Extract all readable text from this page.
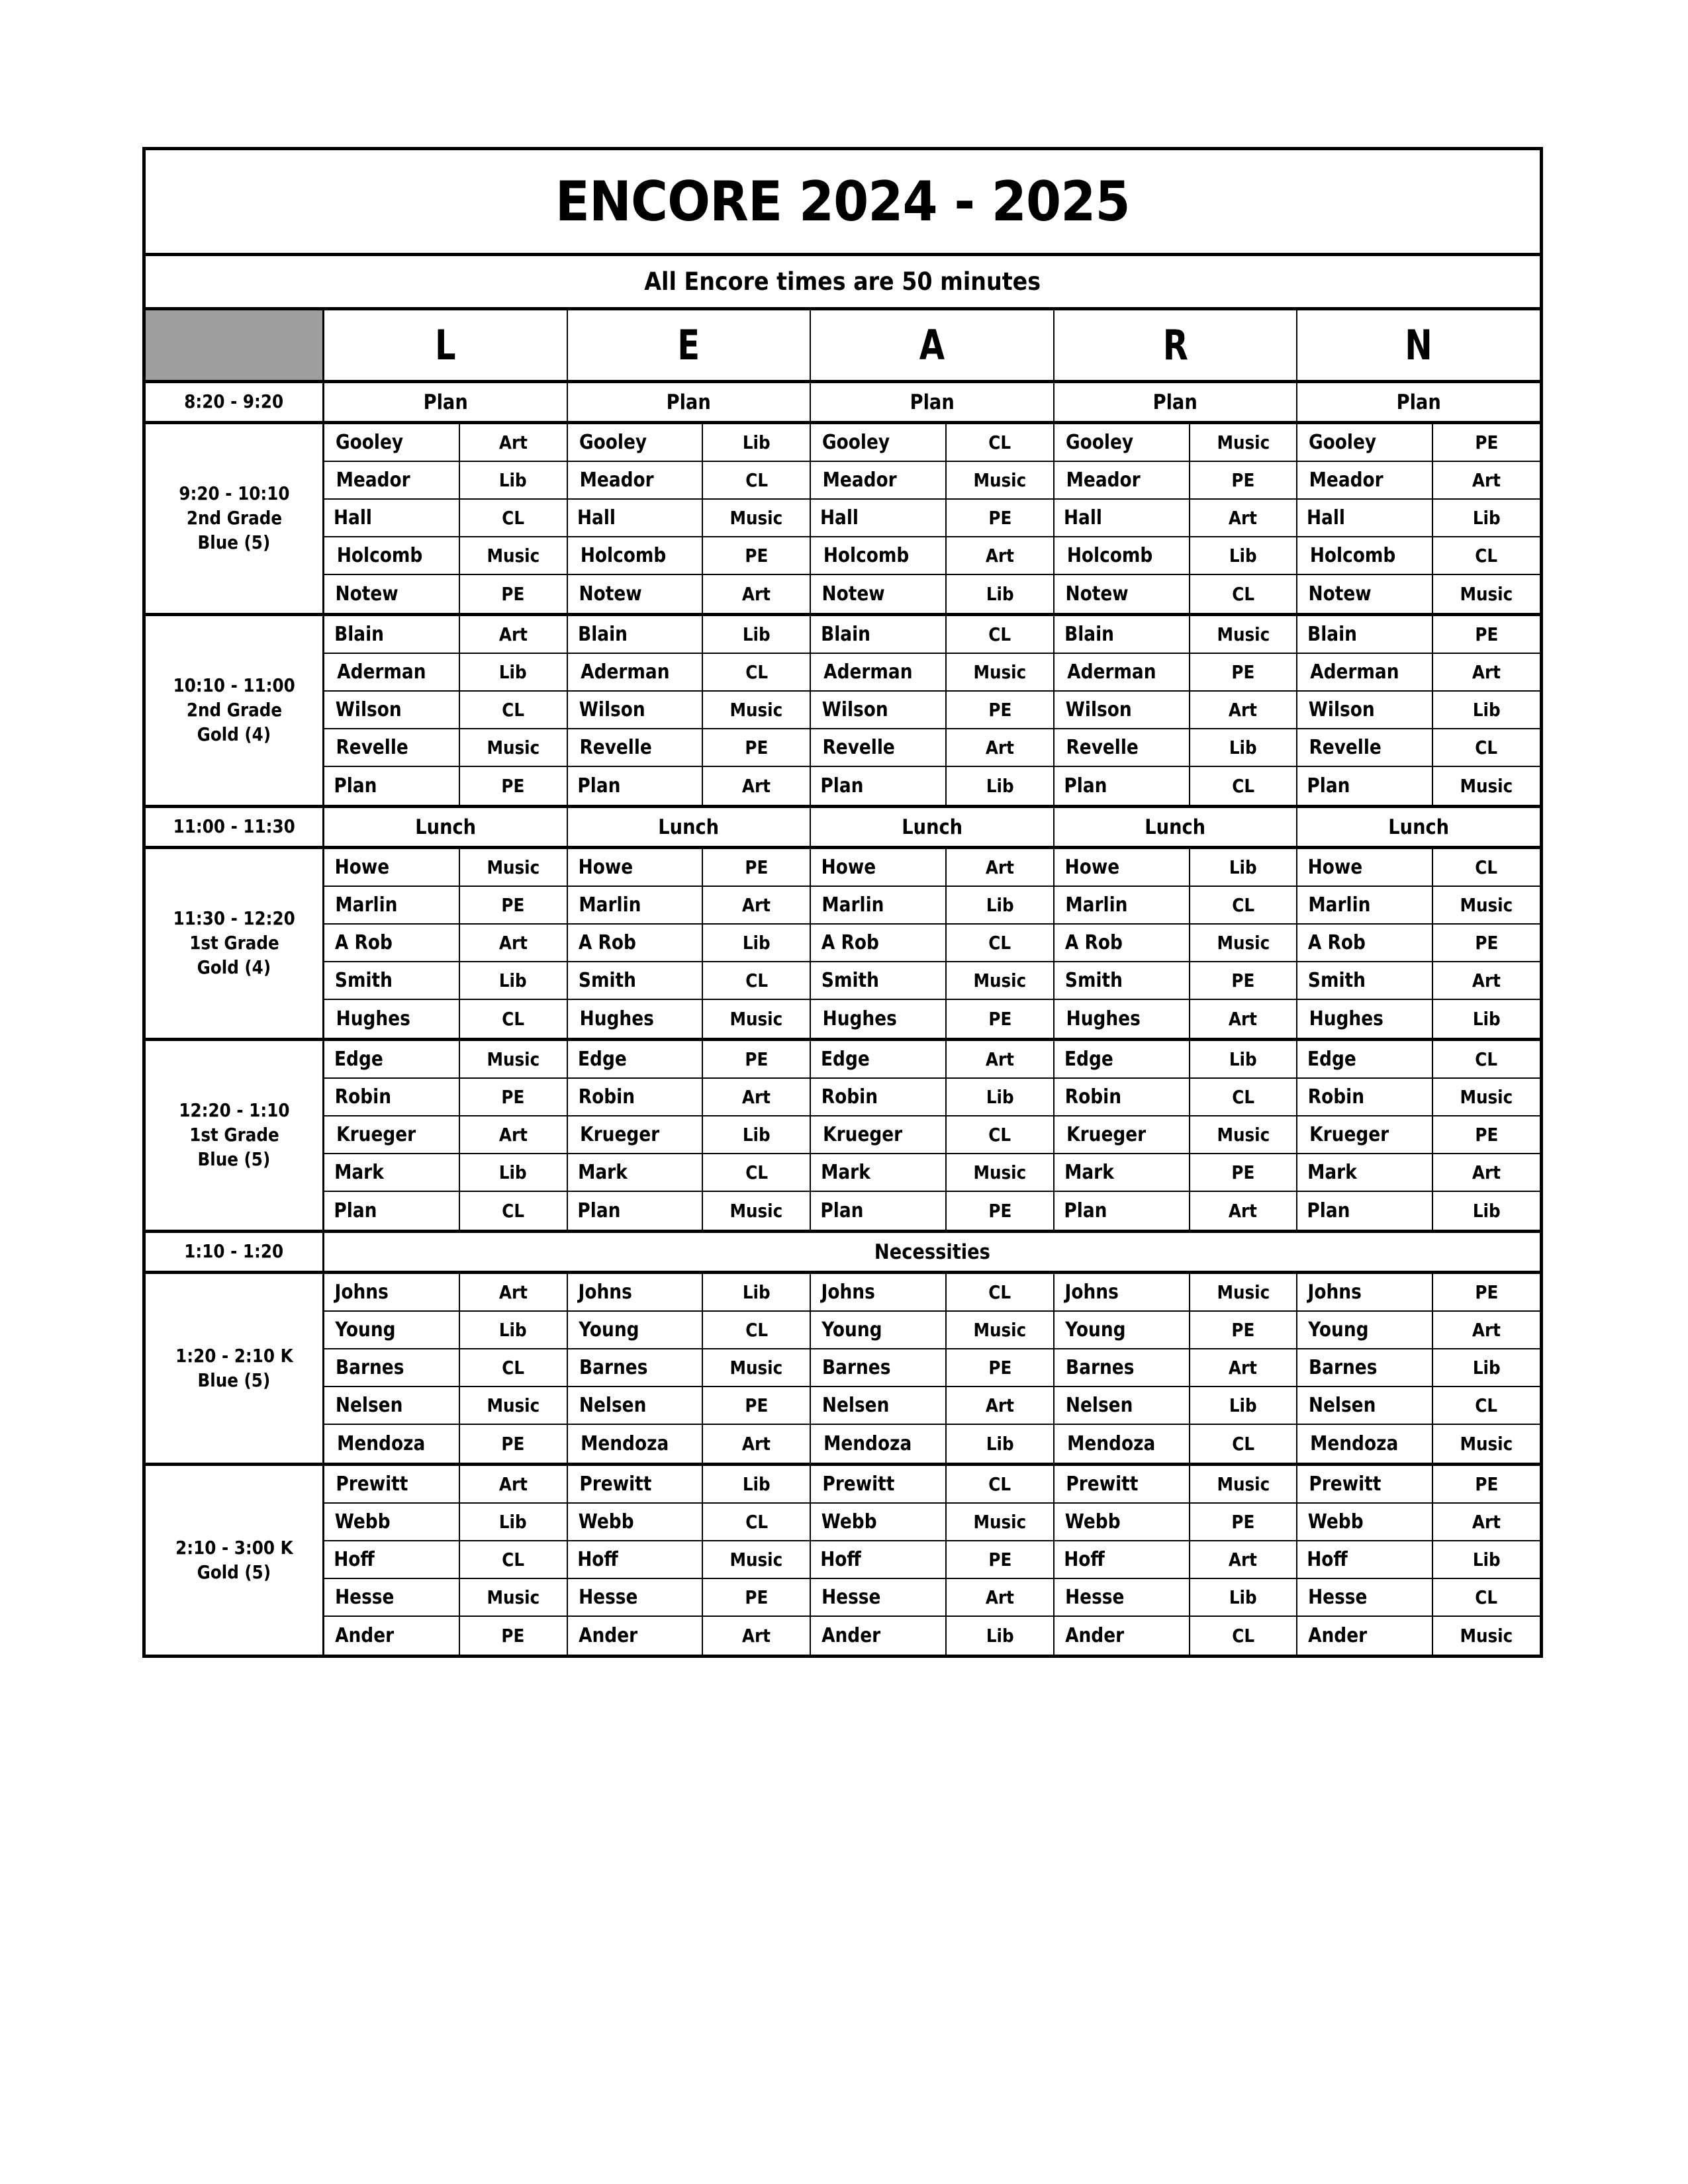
ENCORE 2024 - 2025
All Encore times are 50 minutes
L	E	A	R	N
8:20 - 9:20	Plan	Plan	Plan	Plan	Plan
9:20 - 10:10
2nd Grade
Blue (5)
Gooley	Art	Gooley	Lib	Gooley	CL	Gooley	Music Gooley	PE
Meador	Lib	Meador	CL	Meador	Music Meador	PE	Meador	Art
Hall	CL	Hall	Music Hall	PE	Hall	Art Hall	Lib
Holcomb	Music Holcomb	PE	Holcomb	Art	Holcomb	Lib	Holcomb	CL
Notew	PE	Notew	Art	Notew	Lib	Notew	CL	Notew	Music
10:10 - 11:00
2nd Grade
Gold (4)
Blain	Art	Blain	Lib	Blain	CL	Blain	Music Blain	PE
Aderman	Lib	Aderman	CL	Aderman	Music Aderman	PE	Aderman	Art
Wilson	CL	Wilson	Music Wilson	PE	Wilson	Art	Wilson	Lib
Revelle	Music Revelle	PE	Revelle	Art	Revelle	Lib	Revelle	CL
Plan	PE	Plan	Art	Plan	Lib	Plan	CL	Plan	Music
11:00 - 11:30	Lunch	Lunch	Lunch	Lunch	Lunch
11:30 - 12:20
1st Grade
Gold (4)
Howe	Music Howe	PE	Howe	Art	Howe	Lib	Howe	CL
Marlin	PE	Marlin	Art	Marlin	Lib	Marlin	CL	Marlin	Music
A Rob	Art	A Rob	Lib	A Rob	CL	A Rob	Music A Rob	PE
Smith	Lib	Smith	CL	Smith	Music Smith	PE	Smith	Art
Hughes	CL	Hughes	Music Hughes	PE	Hughes	Art	Hughes	Lib
12:20 - 1:10
1st Grade
Blue (5)
Edge	Music Edge	PE	Edge	Art	Edge	Lib	Edge	CL
Robin	PE	Robin	Art	Robin	Lib	Robin	CL	Robin	Music
Krueger	Art	Krueger	Lib	Krueger	CL	Krueger	Music Krueger	PE
Mark	Lib	Mark	CL	Mark	Music Mark	PE	Mark	Art
Plan	CL	Plan	Music Plan	PE	Plan	Art	Plan	Lib
1:10 - 1:20	Necessities
1:20 - 2:10 K
Blue (5)
Johns	Art	Johns	Lib	Johns	CL	Johns	Music Johns	PE
Young	Lib	Young	CL	Young	Music Young	PE	Young	Art
Barnes	CL	Barnes	Music Barnes	PE	Barnes	Art	Barnes	Lib
Nelsen	Music Nelsen	PE	Nelsen	Art	Nelsen	Lib	Nelsen	CL
Mendoza	PE	Mendoza	Art	Mendoza	Lib	Mendoza	CL	Mendoza	Music
2:10 - 3:00 K
Gold (5)
Prewitt	Art	Prewitt	Lib	Prewitt	CL	Prewitt	Music Prewitt	PE
Webb	Lib	Webb	CL	Webb	Music Webb	PE	Webb	Art
Hoff	CL	Hoff	Music Hoff	PE	Hoff	Art	Hoff	Lib
Hesse	Music Hesse	PE	Hesse	Art	Hesse	Lib	Hesse	CL
Ander	PE	Ander	Art	Ander	Lib	Ander	CL	Ander	Music
